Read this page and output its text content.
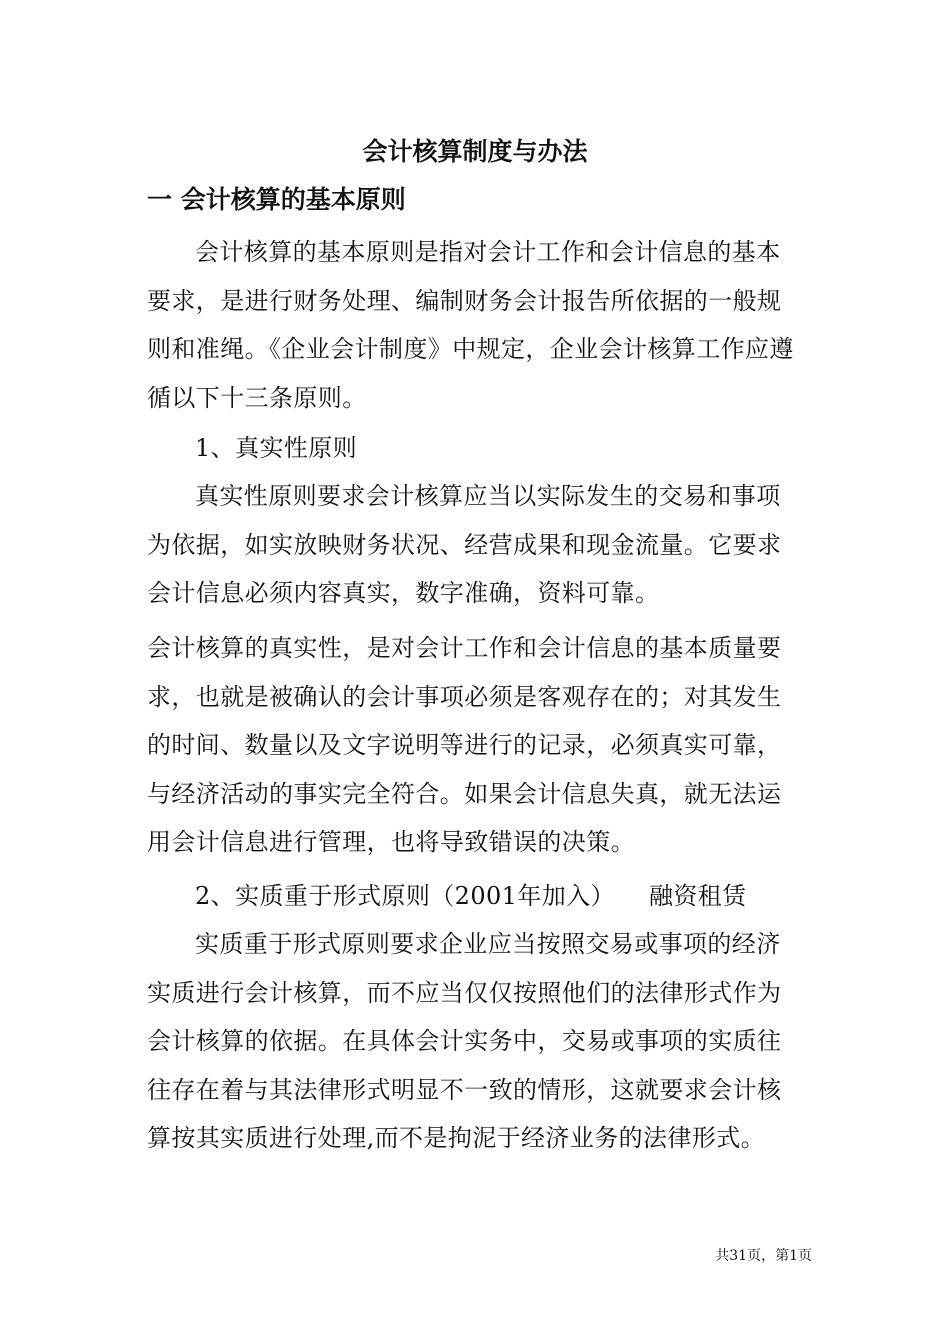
会计核算制度与办法
一 会计核算的基本原则
会计核算的基本原则是指对会计工作和会计信息的基本要求，是进行财务处理、编制财务会计报告所依据的一般规则和准绳。《企业会计制度》中规定，企业会计核算工作应遵循以下十三条原则。
1、真实性原则
真实性原则要求会计核算应当以实际发生的交易和事项为依据，如实放映财务状况、经营成果和现金流量。它要求会计信息必须内容真实，数字准确，资料可靠。
会计核算的真实性，是对会计工作和会计信息的基本质量要求，也就是被确认的会计事项必须是客观存在的；对其发生的时间、数量以及文字说明等进行的记录，必须真实可靠，与经济活动的事实完全符合。如果会计信息失真，就无法运用会计信息进行管理，也将导致错误的决策。
2、实质重于形式原则（2001年加入） 融资租赁
实质重于形式原则要求企业应当按照交易或事项的经济实质进行会计核算，而不应当仅仅按照他们的法律形式作为会计核算的依据。在具体会计实务中，交易或事项的实质往往存在着与其法律形式明显不一致的情形，这就要求会计核算按其实质进行处理,而不是拘泥于经济业务的法律形式。
共31页，第1页
